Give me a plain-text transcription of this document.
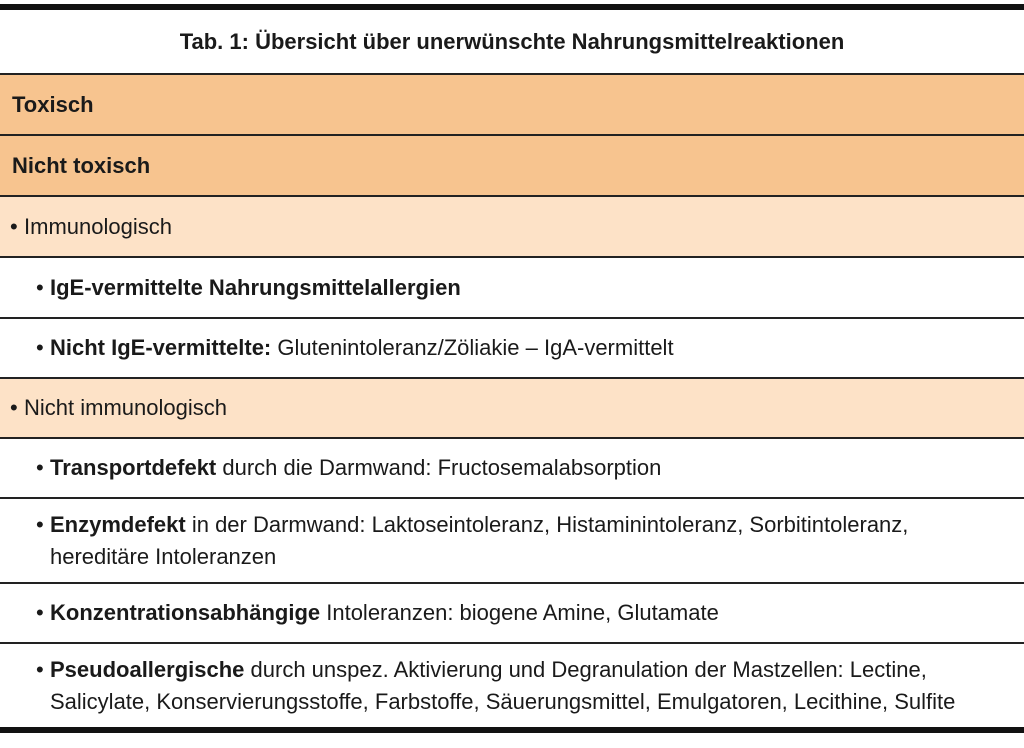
Tab. 1: Übersicht über unerwünschte Nahrungsmittelreaktionen
Toxisch
Nicht toxisch
• Immunologisch
• IgE-vermittelte Nahrungsmittelallergien
• Nicht IgE-vermittelte: Glutenintoleranz/Zöliakie – IgA-vermittelt
• Nicht immunologisch
• Transportdefekt durch die Darmwand: Fructosemalabsorption
• Enzymdefekt in der Darmwand: Laktoseintoleranz, Histaminintoleranz, Sorbitintoleranz,
hereditäre Intoleranzen
• Konzentrationsabhängige Intoleranzen: biogene Amine, Glutamate
• Pseudoallergische durch unspez. Aktivierung und Degranulation der Mastzellen: Lectine,
Salicylate, Konservierungsstoffe, Farbstoffe, Säuerungsmittel, Emulgatoren, Lecithine, Sulfite
